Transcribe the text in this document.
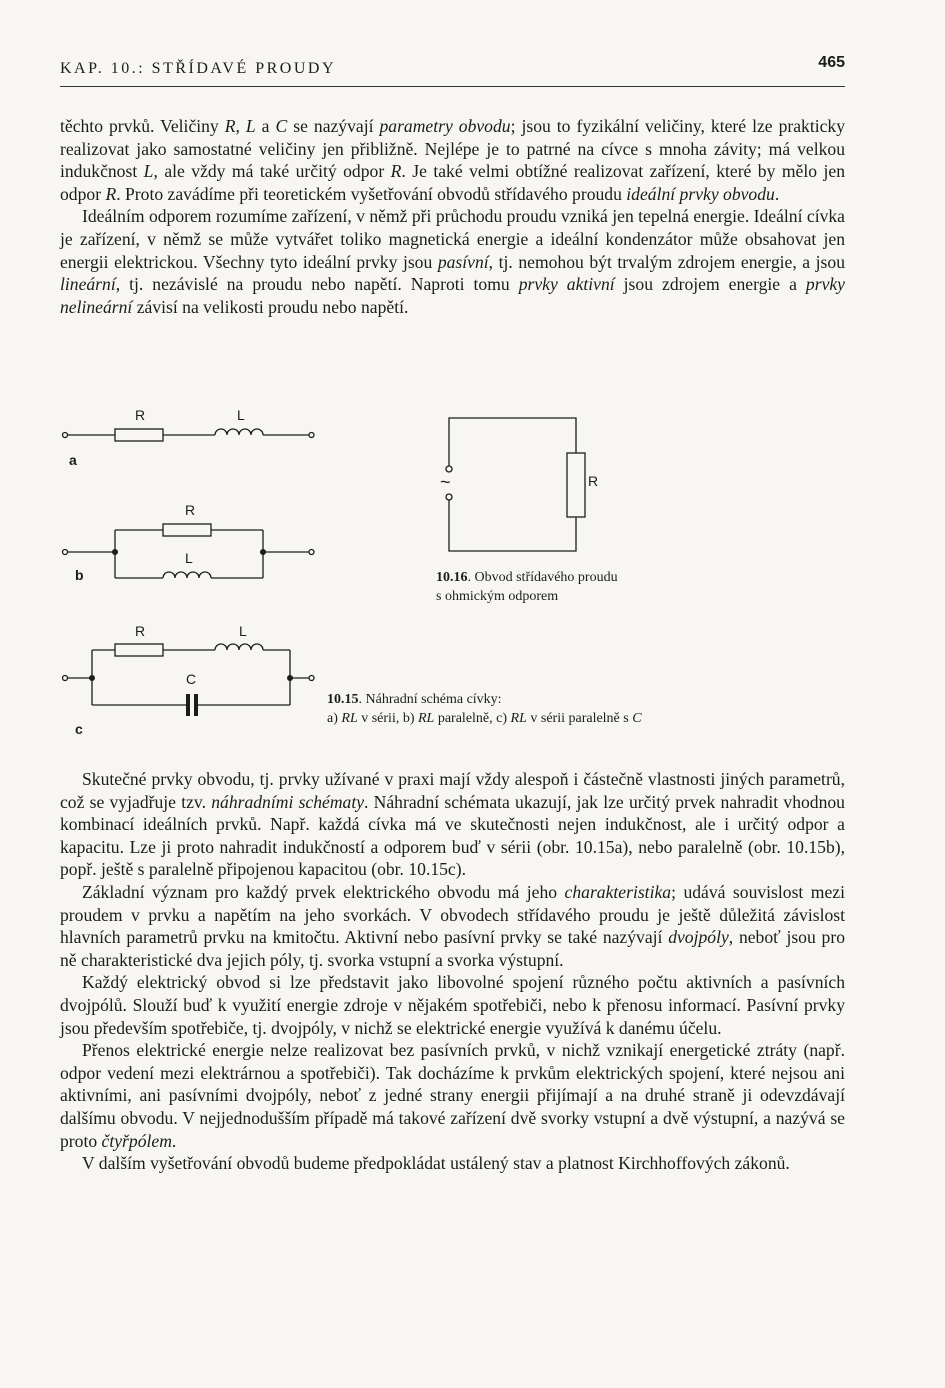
KAP. 10.: STŘÍDAVÉ PROUDY	465

těchto prvků. Veličiny R, L a C se nazývají parametry obvodu; jsou to fyzikální veličiny, které lze prakticky realizovat jako samostatné veličiny jen přibližně. Nejlépe je to patrné na cívce s mnoha závity; má velkou indukčnost L, ale vždy má také určitý odpor R. Je také velmi obtížné realizovat zařízení, které by mělo jen odpor R. Proto zavádíme při teoretickém vyšetřování obvodů střídavého proudu ideální prvky obvodu.

Ideálním odporem rozumíme zařízení, v němž při průchodu proudu vzniká jen tepelná energie. Ideální cívka je zařízení, v němž se může vytvářet toliko magnetická energie a ideální kondenzátor může obsahovat jen energii elektrickou. Všechny tyto ideální prvky jsou pasívní, tj. nemohou být trvalým zdrojem energie, a jsou lineární, tj. nezávislé na proudu nebo napětí. Naproti tomu prvky aktivní jsou zdrojem energie a prvky nelineární závisí na velikosti proudu nebo napětí.

R	L
a
R
L
b
R	L
C
c
~	R
10.16. Obvod střídavého proudu
s ohmickým odporem
10.15. Náhradní schéma cívky:
a) RL v sérii, b) RL paralelně, c) RL v sérii paralelně s C

Skutečné prvky obvodu, tj. prvky užívané v praxi mají vždy alespoň i částečně vlastnosti jiných parametrů, což se vyjadřuje tzv. náhradními schématy. Náhradní schémata ukazují, jak lze určitý prvek nahradit vhodnou kombinací ideálních prvků. Např. každá cívka má ve skutečnosti nejen indukčnost, ale i určitý odpor a kapacitu. Lze ji proto nahradit indukčností a odporem buď v sérii (obr. 10.15a), nebo paralelně (obr. 10.15b), popř. ještě s paralelně připojenou kapacitou (obr. 10.15c).

Základní význam pro každý prvek elektrického obvodu má jeho charakteristika; udává souvislost mezi proudem v prvku a napětím na jeho svorkách. V obvodech střídavého proudu je ještě důležitá závislost hlavních parametrů prvku na kmitočtu. Aktivní nebo pasívní prvky se také nazývají dvojpóly, neboť jsou pro ně charakteristické dva jejich póly, tj. svorka vstupní a svorka výstupní.

Každý elektrický obvod si lze představit jako libovolné spojení různého počtu aktivních a pasívních dvojpólů. Slouží buď k využití energie zdroje v nějakém spotřebiči, nebo k přenosu informací. Pasívní prvky jsou především spotřebiče, tj. dvojpóly, v nichž se elektrické energie využívá k danému účelu.

Přenos elektrické energie nelze realizovat bez pasívních prvků, v nichž vznikají energetické ztráty (např. odpor vedení mezi elektrárnou a spotřebiči). Tak docházíme k prvkům elektrických spojení, které nejsou ani aktivními, ani pasívními dvojpóly, neboť z jedné strany energii přijímají a na druhé straně ji odevzdávají dalšímu obvodu. V nejjednodušším případě má takové zařízení dvě svorky vstupní a dvě výstupní, a nazývá se proto čtyřpólem.

V dalším vyšetřování obvodů budeme předpokládat ustálený stav a platnost Kirchhoffových zákonů.
